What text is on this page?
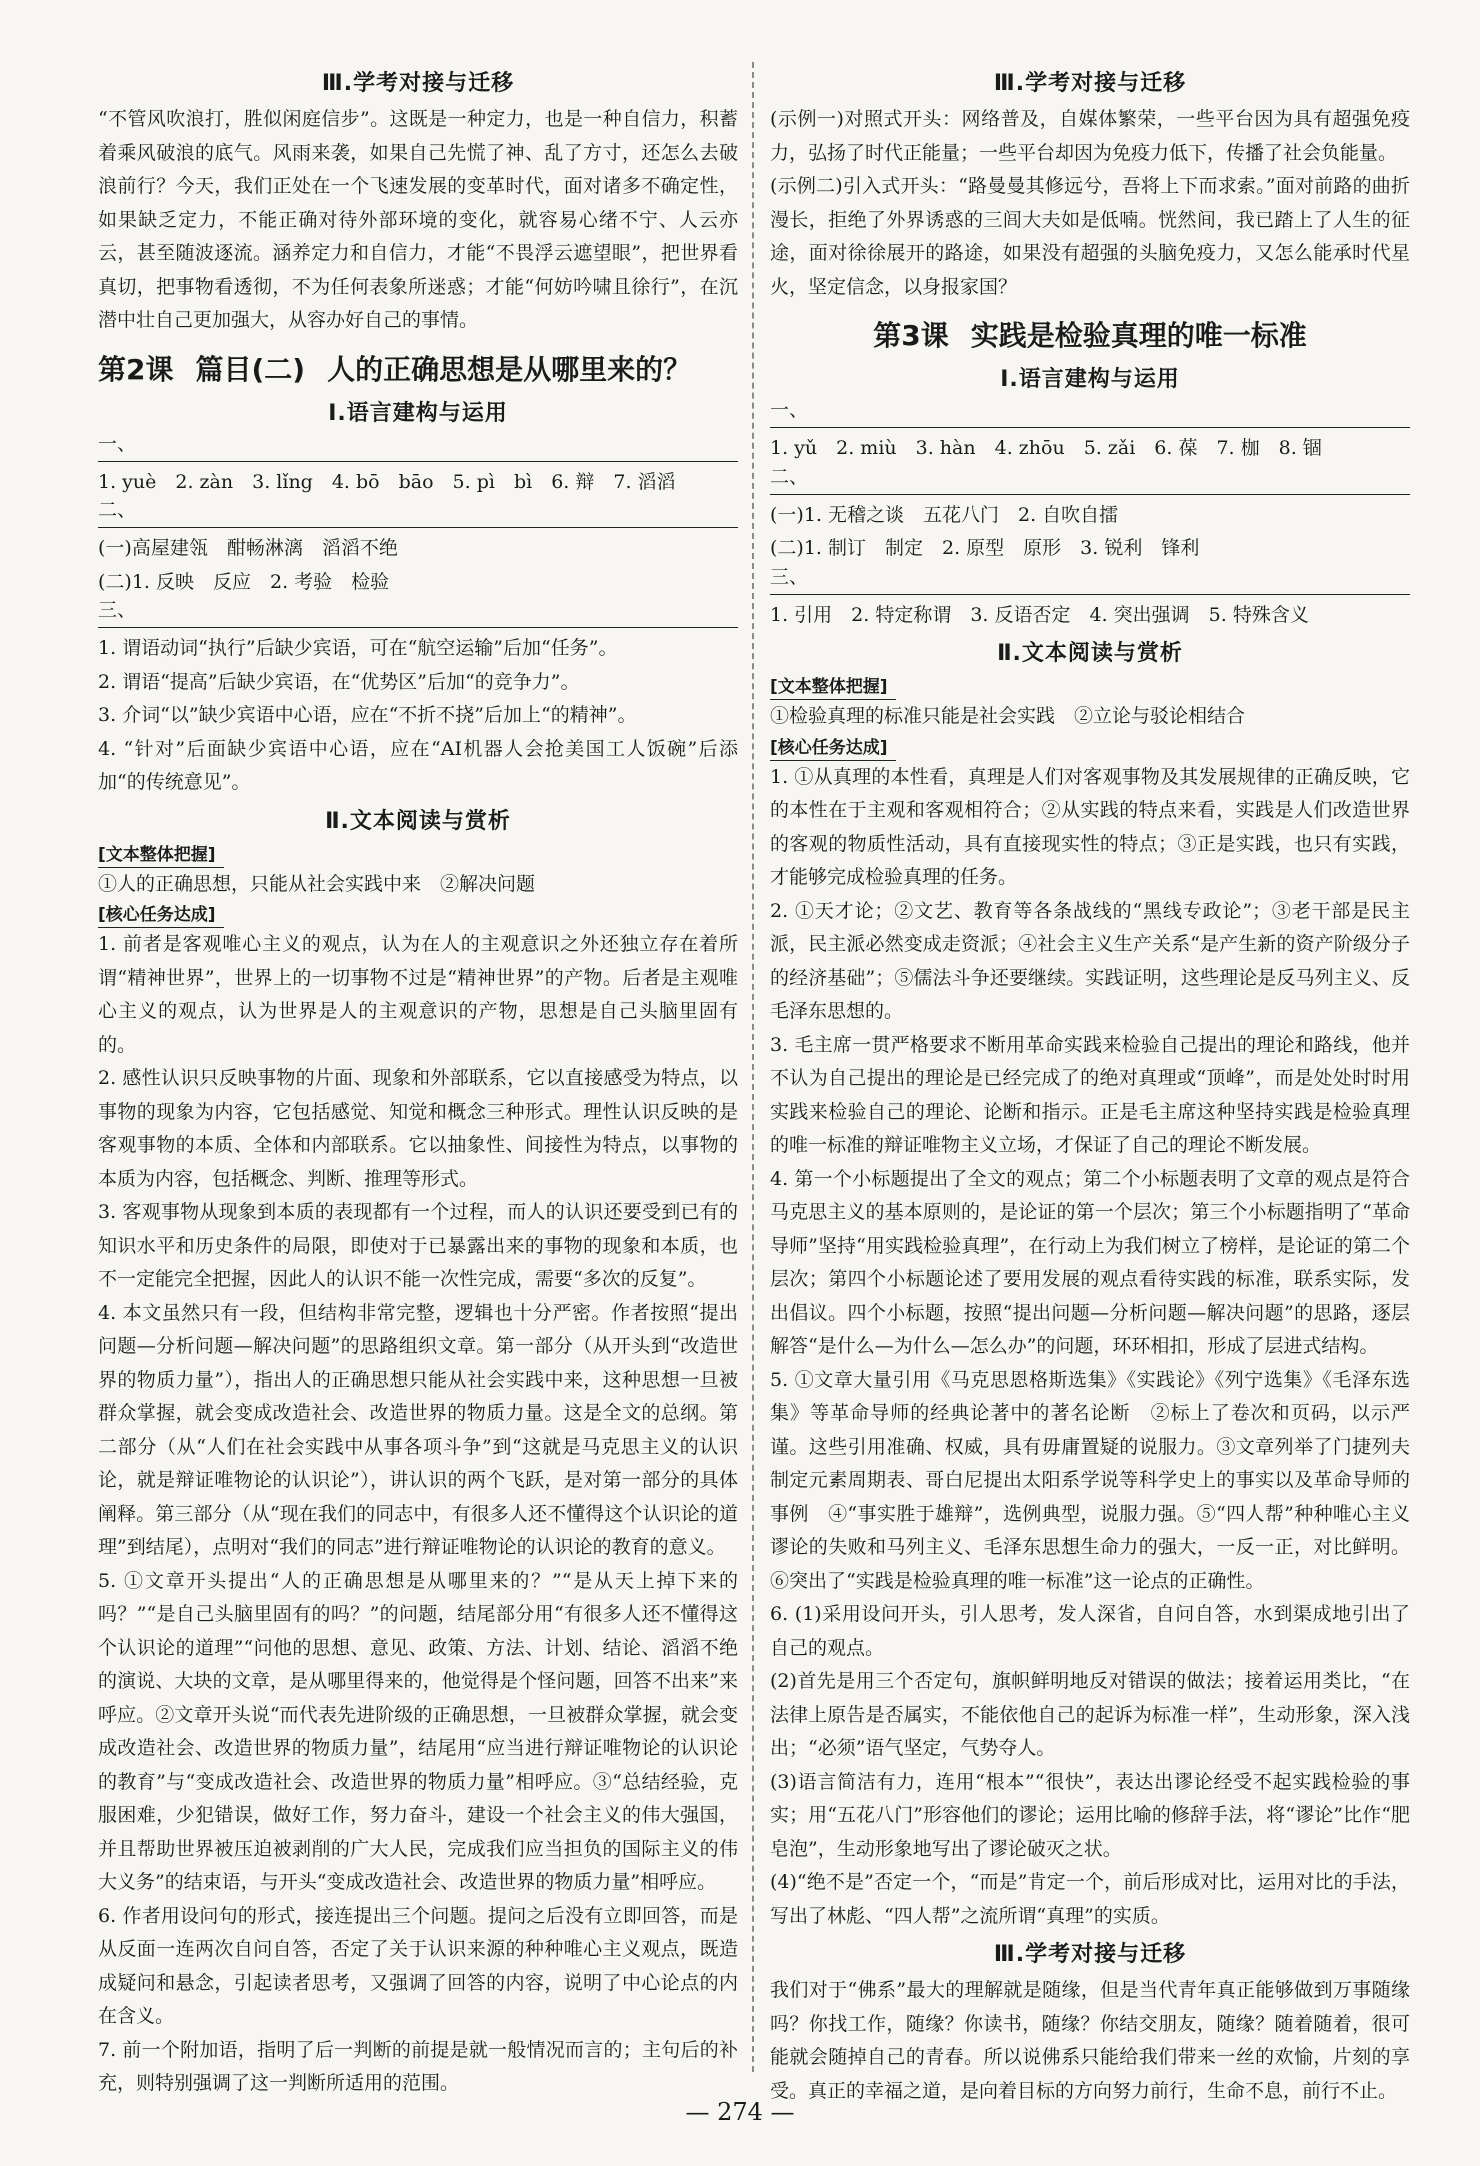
Ⅲ.学考对接与迁移

“不管风吹浪打，胜似闲庭信步”。这既是一种定力，也是一种自信力，积蓄着乘风破浪的底气。风雨来袭，如果自己先慌了神、乱了方寸，还怎么去破浪前行？今天，我们正处在一个飞速发展的变革时代，面对诸多不确定性，如果缺乏定力，不能正确对待外部环境的变化，就容易心绪不宁、人云亦云，甚至随波逐流。涵养定力和自信力，才能“不畏浮云遮望眼”，把世界看真切，把事物看透彻，不为任何表象所迷惑；才能“何妨吟啸且徐行”，在沉潜中壮自己更加强大，从容办好自己的事情。

第2课 篇目(二) 人的正确思想是从哪里来的？
Ⅰ.语言建构与运用
一、
1. yuè　2. zàn　3. lǐng　4. bō　bāo　5. pì　bì　6. 辩　7. 滔滔
二、
(一)高屋建瓴　酣畅淋漓　滔滔不绝
(二)1. 反映　反应　2. 考验　检验
三、

1. 谓语动词“执行”后缺少宾语，可在“航空运输”后加“任务”。

2. 谓语“提高”后缺少宾语，在“优势区”后加“的竞争力”。

3. 介词“以”缺少宾语中心语，应在“不折不挠”后加上“的精神”。

4. “针对”后面缺少宾语中心语，应在“AI机器人会抢美国工人饭碗”后添加“的传统意见”。

Ⅱ.文本阅读与赏析
[文本整体把握]
①人的正确思想，只能从社会实践中来　②解决问题
[核心任务达成]

1. 前者是客观唯心主义的观点，认为在人的主观意识之外还独立存在着所谓“精神世界”，世界上的一切事物不过是“精神世界”的产物。后者是主观唯心主义的观点，认为世界是人的主观意识的产物，思想是自己头脑里固有的。

2. 感性认识只反映事物的片面、现象和外部联系，它以直接感受为特点，以事物的现象为内容，它包括感觉、知觉和概念三种形式。理性认识反映的是客观事物的本质、全体和内部联系。它以抽象性、间接性为特点，以事物的本质为内容，包括概念、判断、推理等形式。

3. 客观事物从现象到本质的表现都有一个过程，而人的认识还要受到已有的知识水平和历史条件的局限，即使对于已暴露出来的事物的现象和本质，也不一定能完全把握，因此人的认识不能一次性完成，需要“多次的反复”。

4. 本文虽然只有一段，但结构非常完整，逻辑也十分严密。作者按照“提出问题—分析问题—解决问题”的思路组织文章。第一部分（从开头到“改造世界的物质力量”），指出人的正确思想只能从社会实践中来，这种思想一旦被群众掌握，就会变成改造社会、改造世界的物质力量。这是全文的总纲。第二部分（从“人们在社会实践中从事各项斗争”到“这就是马克思主义的认识论，就是辩证唯物论的认识论”），讲认识的两个飞跃，是对第一部分的具体阐释。第三部分（从“现在我们的同志中，有很多人还不懂得这个认识论的道理”到结尾），点明对“我们的同志”进行辩证唯物论的认识论的教育的意义。

5. ①文章开头提出“人的正确思想是从哪里来的？”“是从天上掉下来的吗？”“是自己头脑里固有的吗？”的问题，结尾部分用“有很多人还不懂得这个认识论的道理”“问他的思想、意见、政策、方法、计划、结论、滔滔不绝的演说、大块的文章，是从哪里得来的，他觉得是个怪问题，回答不出来”来呼应。②文章开头说“而代表先进阶级的正确思想，一旦被群众掌握，就会变成改造社会、改造世界的物质力量”，结尾用“应当进行辩证唯物论的认识论的教育”与“变成改造社会、改造世界的物质力量”相呼应。③“总结经验，克服困难，少犯错误，做好工作，努力奋斗，建设一个社会主义的伟大强国，并且帮助世界被压迫被剥削的广大人民，完成我们应当担负的国际主义的伟大义务”的结束语，与开头“变成改造社会、改造世界的物质力量”相呼应。

6. 作者用设问句的形式，接连提出三个问题。提问之后没有立即回答，而是从反面一连两次自问自答，否定了关于认识来源的种种唯心主义观点，既造成疑问和悬念，引起读者思考，又强调了回答的内容，说明了中心论点的内在含义。

7. 前一个附加语，指明了后一判断的前提是就一般情况而言的；主句后的补充，则特别强调了这一判断所适用的范围。

Ⅲ.学考对接与迁移

(示例一)对照式开头：网络普及，自媒体繁荣，一些平台因为具有超强免疫力，弘扬了时代正能量；一些平台却因为免疫力低下，传播了社会负能量。

(示例二)引入式开头：“路曼曼其修远兮，吾将上下而求索。”面对前路的曲折漫长，拒绝了外界诱惑的三闾大夫如是低喃。恍然间，我已踏上了人生的征途，面对徐徐展开的路途，如果没有超强的头脑免疫力，又怎么能承时代星火，坚定信念，以身报家国？

第3课 实践是检验真理的唯一标准
Ⅰ.语言建构与运用
一、
1. yǔ　2. miù　3. hàn　4. zhōu　5. zǎi　6. 葆　7. 枷　8. 锢
二、
(一)1. 无稽之谈　五花八门　2. 自吹自擂
(二)1. 制订　制定　2. 原型　原形　3. 锐利　锋利
三、
1. 引用　2. 特定称谓　3. 反语否定　4. 突出强调　5. 特殊含义
Ⅱ.文本阅读与赏析
[文本整体把握]
①检验真理的标准只能是社会实践　②立论与驳论相结合
[核心任务达成]

1. ①从真理的本性看，真理是人们对客观事物及其发展规律的正确反映，它的本性在于主观和客观相符合；②从实践的特点来看，实践是人们改造世界的客观的物质性活动，具有直接现实性的特点；③正是实践，也只有实践，才能够完成检验真理的任务。

2. ①天才论；②文艺、教育等各条战线的“黑线专政论”；③老干部是民主派，民主派必然变成走资派；④社会主义生产关系“是产生新的资产阶级分子的经济基础”；⑤儒法斗争还要继续。实践证明，这些理论是反马列主义、反毛泽东思想的。

3. 毛主席一贯严格要求不断用革命实践来检验自己提出的理论和路线，他并不认为自己提出的理论是已经完成了的绝对真理或“顶峰”，而是处处时时用实践来检验自己的理论、论断和指示。正是毛主席这种坚持实践是检验真理的唯一标准的辩证唯物主义立场，才保证了自己的理论不断发展。

4. 第一个小标题提出了全文的观点；第二个小标题表明了文章的观点是符合马克思主义的基本原则的，是论证的第一个层次；第三个小标题指明了“革命导师”坚持“用实践检验真理”，在行动上为我们树立了榜样，是论证的第二个层次；第四个小标题论述了要用发展的观点看待实践的标准，联系实际，发出倡议。四个小标题，按照“提出问题—分析问题—解决问题”的思路，逐层解答“是什么—为什么—怎么办”的问题，环环相扣，形成了层进式结构。

5. ①文章大量引用《马克思恩格斯选集》《实践论》《列宁选集》《毛泽东选集》等革命导师的经典论著中的著名论断　②标上了卷次和页码，以示严谨。这些引用准确、权威，具有毋庸置疑的说服力。③文章列举了门捷列夫制定元素周期表、哥白尼提出太阳系学说等科学史上的事实以及革命导师的事例　④“事实胜于雄辩”，选例典型，说服力强。⑤“四人帮”种种唯心主义谬论的失败和马列主义、毛泽东思想生命力的强大，一反一正，对比鲜明。⑥突出了“实践是检验真理的唯一标准”这一论点的正确性。

6. (1)采用设问开头，引人思考，发人深省，自问自答，水到渠成地引出了自己的观点。

(2)首先是用三个否定句，旗帜鲜明地反对错误的做法；接着运用类比，“在法律上原告是否属实，不能依他自己的起诉为标准一样”，生动形象，深入浅出；“必须”语气坚定，气势夺人。

(3)语言简洁有力，连用“根本”“很快”，表达出谬论经受不起实践检验的事实；用“五花八门”形容他们的谬论；运用比喻的修辞手法，将“谬论”比作“肥皂泡”，生动形象地写出了谬论破灭之状。

(4)“绝不是”否定一个，“而是”肯定一个，前后形成对比，运用对比的手法，写出了林彪、“四人帮”之流所谓“真理”的实质。

Ⅲ.学考对接与迁移

我们对于“佛系”最大的理解就是随缘，但是当代青年真正能够做到万事随缘吗？你找工作，随缘？你读书，随缘？你结交朋友，随缘？随着随着，很可能就会随掉自己的青春。所以说佛系只能给我们带来一丝的欢愉，片刻的享受。真正的幸福之道，是向着目标的方向努力前行，生命不息，前行不止。

— 274 —
